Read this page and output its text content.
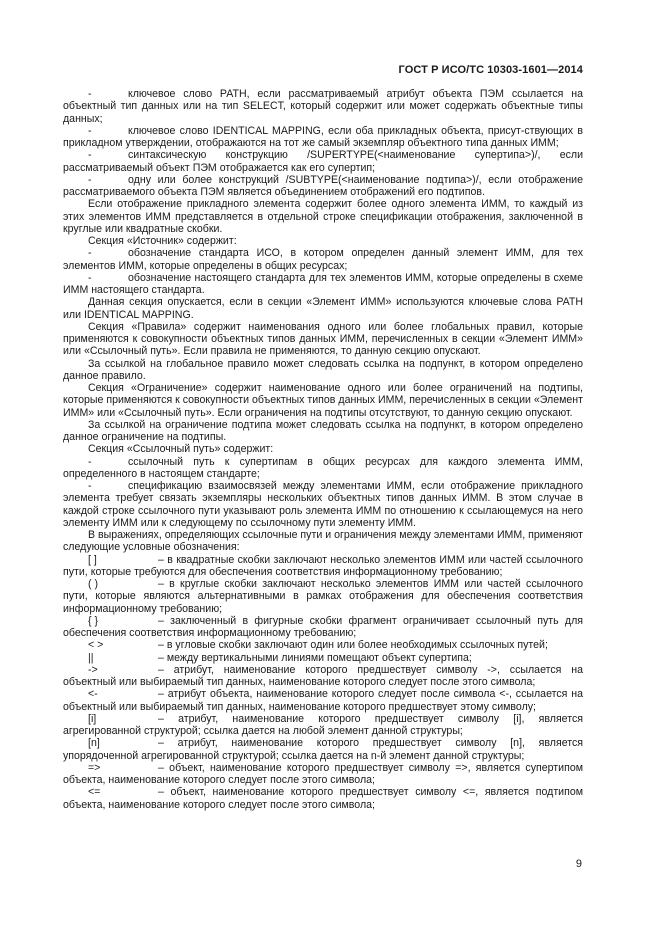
ГОСТ Р ИСО/ТС 10303-1601—2014

-	ключевое слово PATH, если рассматриваемый атрибут объекта ПЭМ ссылается на объектный тип данных или на тип SELECT, который содержит или может содержать объектные типы данных;

-	ключевое слово IDENTICAL MAPPING, если оба прикладных объекта, присут-ствующих в прикладном утверждении, отображаются на тот же самый экземпляр объектного типа данных ИММ;

-	синтаксическую конструкцию /SUPERTYPE(<наименование супертипа>)/, если рассматриваемый объект ПЭМ отображается как его супертип;

-	одну или более конструкций /SUBTYPE(<наименование подтипа>)/, если отображение рассматриваемого объекта ПЭМ является объединением отображений его подтипов.

Если отображение прикладного элемента содержит более одного элемента ИММ, то каждый из этих элементов ИММ представляется в отдельной строке спецификации отображения, заключенной в круглые или квадратные скобки.

Секция «Источник» содержит:

-	обозначение стандарта ИСО, в котором определен данный элемент ИММ, для тех элементов ИММ, которые определены в общих ресурсах;

-	обозначение настоящего стандарта для тех элементов ИММ, которые определены в схеме ИММ настоящего стандарта.

Данная секция опускается, если в секции «Элемент ИММ» используются ключевые слова PATH или IDENTICAL MAPPING.

Секция «Правила» содержит наименования одного или более глобальных правил, которые применяются к совокупности объектных типов данных ИММ, перечисленных в секции «Элемент ИММ» или «Ссылочный путь». Если правила не применяются, то данную секцию опускают.

За ссылкой на глобальное правило может следовать ссылка на подпункт, в котором определено данное правило.

Секция «Ограничение» содержит наименование одного или более ограничений на подтипы, которые применяются к совокупности объектных типов данных ИММ, перечисленных в секции «Элемент ИММ» или «Ссылочный путь». Если ограничения на подтипы отсутствуют, то данную секцию опускают.

За ссылкой на ограничение подтипа может следовать ссылка на подпункт, в котором определено данное ограничение на подтипы.

Секция «Ссылочный путь» содержит:

-	ссылочный путь к супертипам в общих ресурсах для каждого элемента ИММ, определенного в настоящем стандарте;

-	спецификацию взаимосвязей между элементами ИММ, если отображение прикладного элемента требует связать экземпляры нескольких объектных типов данных ИММ. В этом случае в каждой строке ссылочного пути указывают роль элемента ИММ по отношению к ссылающемуся на него элементу ИММ или к следующему по ссылочному пути элементу ИММ.

В выражениях, определяющих ссылочные пути и ограничения между элементами ИММ, применяют следующие условные обозначения:

[ ]	– в квадратные скобки заключают несколько элементов ИММ или частей ссылочного пути, которые требуются для обеспечения соответствия информационному требованию;

( )	– в круглые скобки заключают несколько элементов ИММ или частей ссылочного пути, которые являются альтернативными в рамках отображения для обеспечения соответствия информационному требованию;

{ }	– заключенный в фигурные скобки фрагмент ограничивает ссылочный путь для обеспечения соответствия информационному требованию;

< >	– в угловые скобки заключают один или более необходимых ссылочных путей;

||	– между вертикальными линиями помещают объект супертипа;

->	– атрибут, наименование которого предшествует символу ->, ссылается на объектный или выбираемый тип данных, наименование которого следует после этого символа;

<-	– атрибут объекта, наименование которого следует после символа <-, ссылается на объектный или выбираемый тип данных, наименование которого предшествует этому символу;

[i]	– атрибут, наименование которого предшествует символу [i], является агрегированной структурой; ссылка дается на любой элемент данной структуры;

[n]	– атрибут, наименование которого предшествует символу [n], является упорядоченной агрегированной структурой; ссылка дается на n-й элемент данной структуры;

=>	– объект, наименование которого предшествует символу =>, является супертипом объекта, наименование которого следует после этого символа;

<=	– объект, наименование которого предшествует символу <=, является подтипом объекта, наименование которого следует после этого символа;

9
